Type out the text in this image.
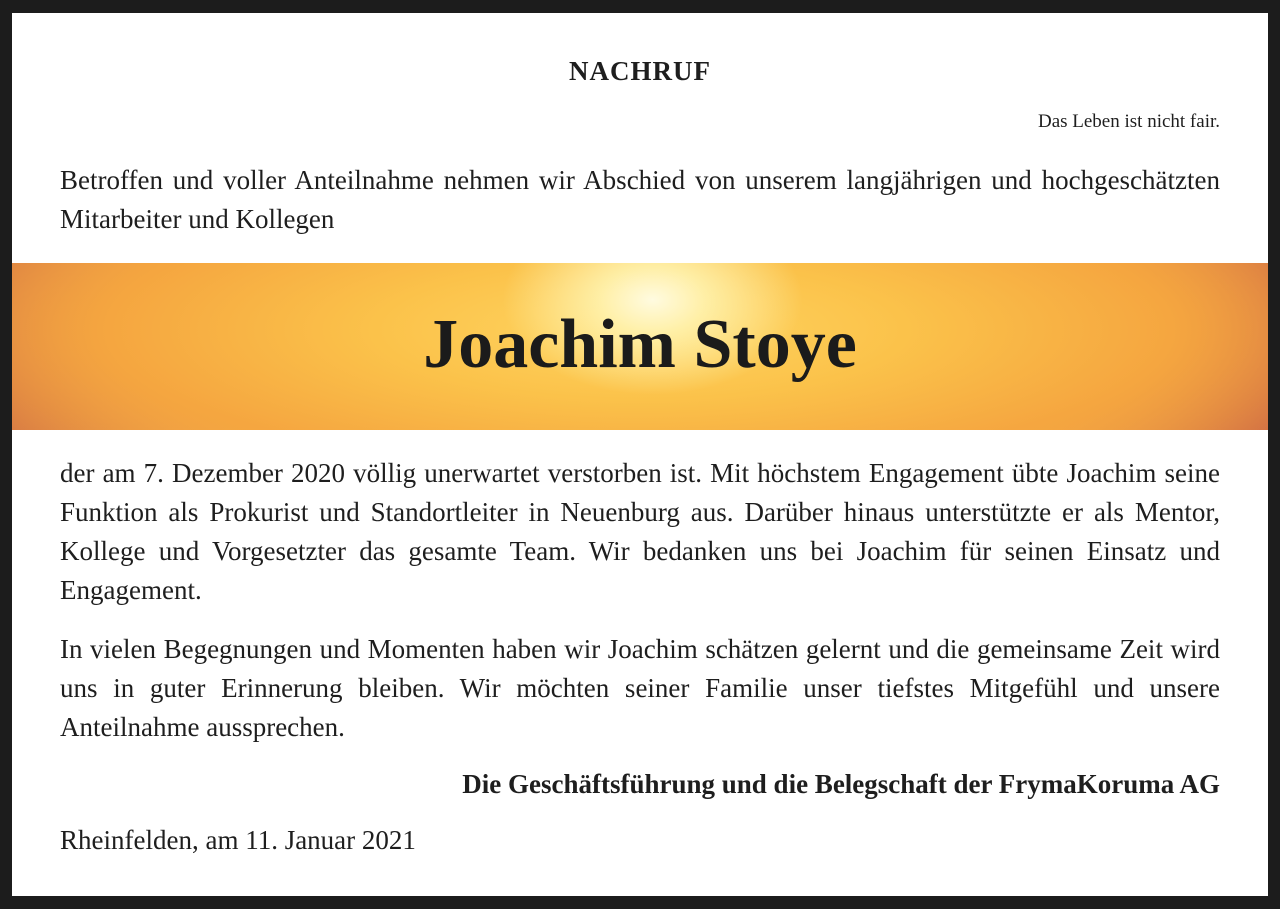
NACHRUF
Das Leben ist nicht fair.

Betroffen und voller Anteilnahme nehmen wir Abschied von unserem langjährigen und hochgeschätzten Mitarbeiter und Kollegen

Joachim Stoye

der am 7. Dezember 2020 völlig unerwartet verstorben ist. Mit höchstem Engagement übte Joachim seine Funktion als Prokurist und Standortleiter in Neuenburg aus. Darüber hinaus unterstützte er als Mentor, Kollege und Vorgesetzter das gesamte Team. Wir bedanken uns bei Joachim für seinen Einsatz und Engagement.

In vielen Begegnungen und Momenten haben wir Joachim schätzen gelernt und die gemeinsame Zeit wird uns in guter Erinnerung bleiben. Wir möchten seiner Familie unser tiefstes Mitgefühl und unsere Anteilnahme aussprechen.

Die Geschäftsführung und die Belegschaft der FrymaKoruma AG
Rheinfelden, am 11. Januar 2021
